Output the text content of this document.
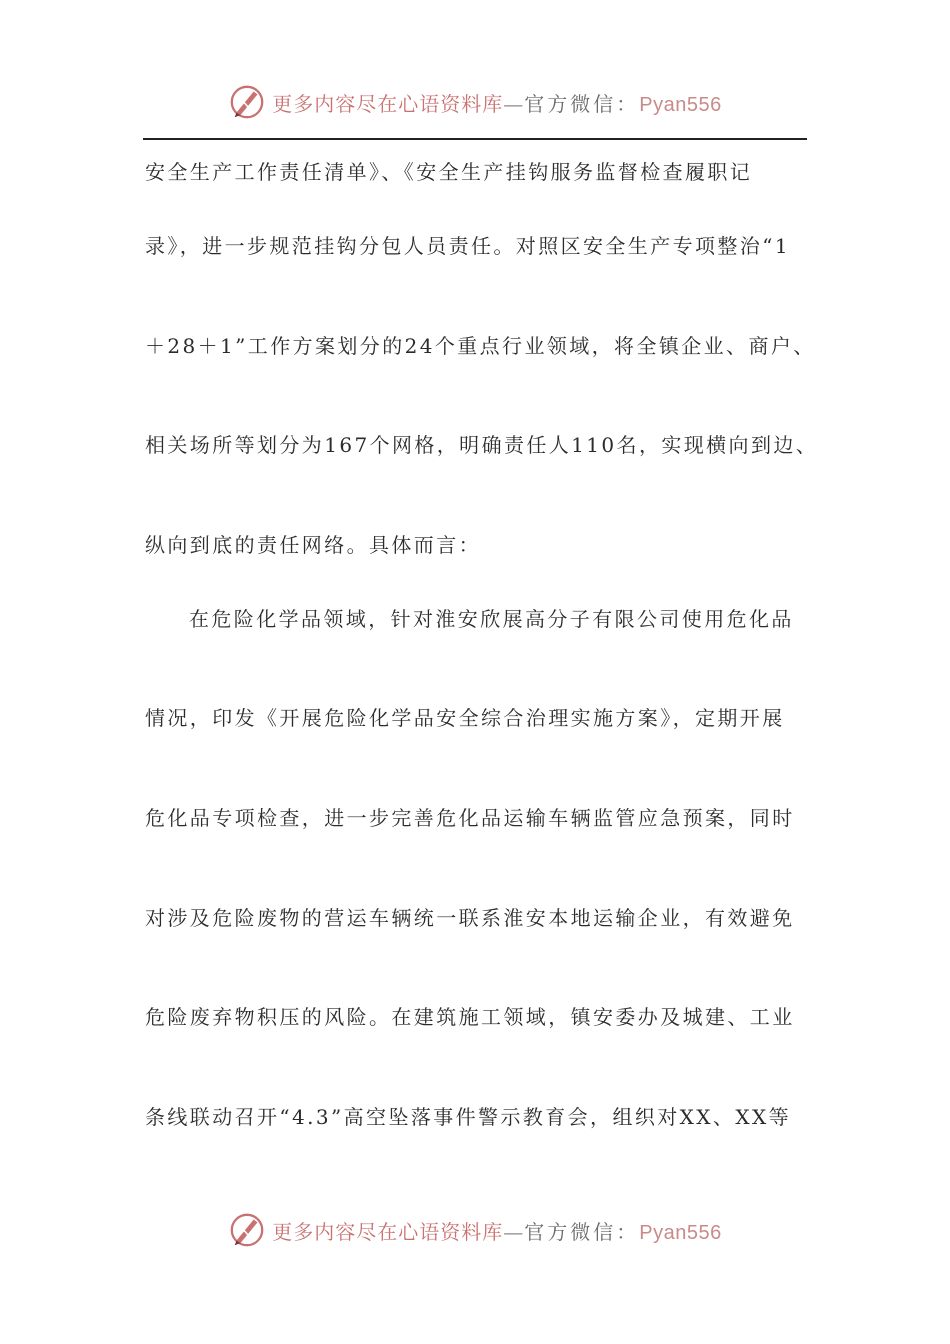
更多内容尽在心语资料库—官方微信：Pyan556
安全生产工作责任清单》、《安全生产挂钩服务监督检查履职记
录》，进一步规范挂钩分包人员责任。对照区安全生产专项整治“1
＋28＋1”工作方案划分的24个重点行业领域，将全镇企业、商户、
相关场所等划分为167个网格，明确责任人110名，实现横向到边、
纵向到底的责任网络。具体而言：
在危险化学品领域，针对淮安欣展高分子有限公司使用危化品
情况，印发《开展危险化学品安全综合治理实施方案》，定期开展
危化品专项检查，进一步完善危化品运输车辆监管应急预案，同时
对涉及危险废物的营运车辆统一联系淮安本地运输企业，有效避免
危险废弃物积压的风险。在建筑施工领域，镇安委办及城建、工业
条线联动召开“4.3”高空坠落事件警示教育会，组织对XX、XX等
更多内容尽在心语资料库—官方微信：Pyan556
